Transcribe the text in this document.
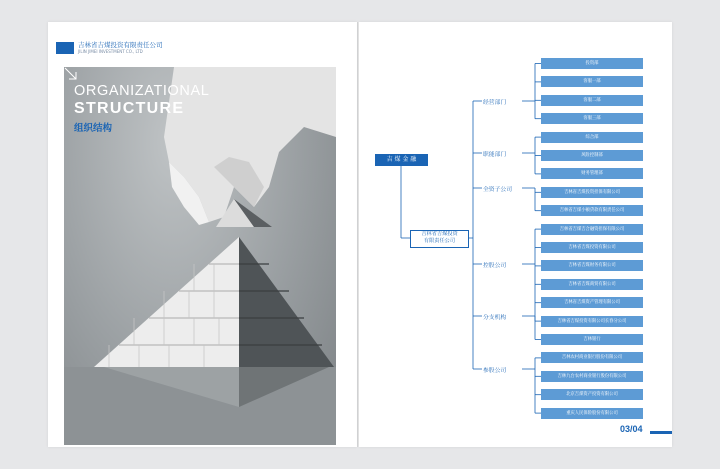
吉林省吉煤投资有限责任公司
JILIN JIMEI INVESTMENT CO., LTD
ORGANIZATIONAL
STRUCTURE
组织结构
吉 煤 金 融
吉林省吉煤投资
有限责任公司
经营部门
职能部门
全资子公司
控股公司
分支机构
参股公司
投资部
客服一部
客服二部
客服三部
综合部
风险控制部
财务管理部
吉林省吉煤投资担保有限公司
吉林省吉煤小额贷款有限责任公司
吉林省吉煤吉合融资担保有限公司
吉林省吉煤投资有限公司
吉林省吉煤财务有限公司
吉林省吉煤商贸有限公司
吉林省吉煤资产管理有限公司
吉林省吉煤投资有限公司长春分公司
吉林银行
吉林农村商业银行股份有限公司
吉林九台农村商业银行股份有限公司
北京吉煤资产投资有限公司
重庆人民保险股份有限公司
03/04
